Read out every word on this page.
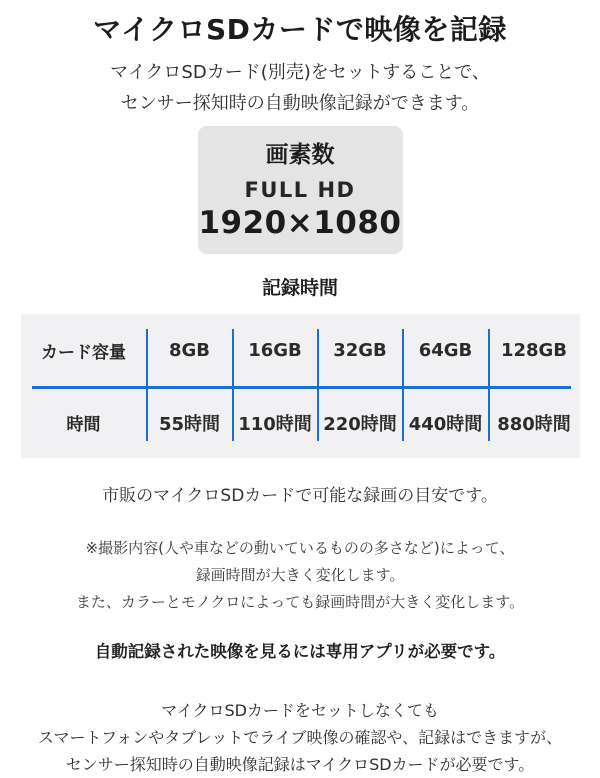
マイクロSDカードで映像を記録
マイクロSDカード(別売)をセットすることで、
センサー探知時の自動映像記録ができます。
画素数
FULL HD
1920×1080
記録時間
カード容量	8GB	16GB	32GB	64GB	128GB
時間	55時間	110時間 220時間 440時間 880時間
市販のマイクロSDカードで可能な録画の目安です。
※撮影内容(人や車などの動いているものの多さなど)によって、
録画時間が大きく変化します。
また、カラーとモノクロによっても録画時間が大きく変化します。
自動記録された映像を見るには専用アプリが必要です。
マイクロSDカードをセットしなくても
スマートフォンやタブレットでライブ映像の確認や、記録はできますが、
センサー探知時の自動映像記録はマイクロSDカードが必要です。
